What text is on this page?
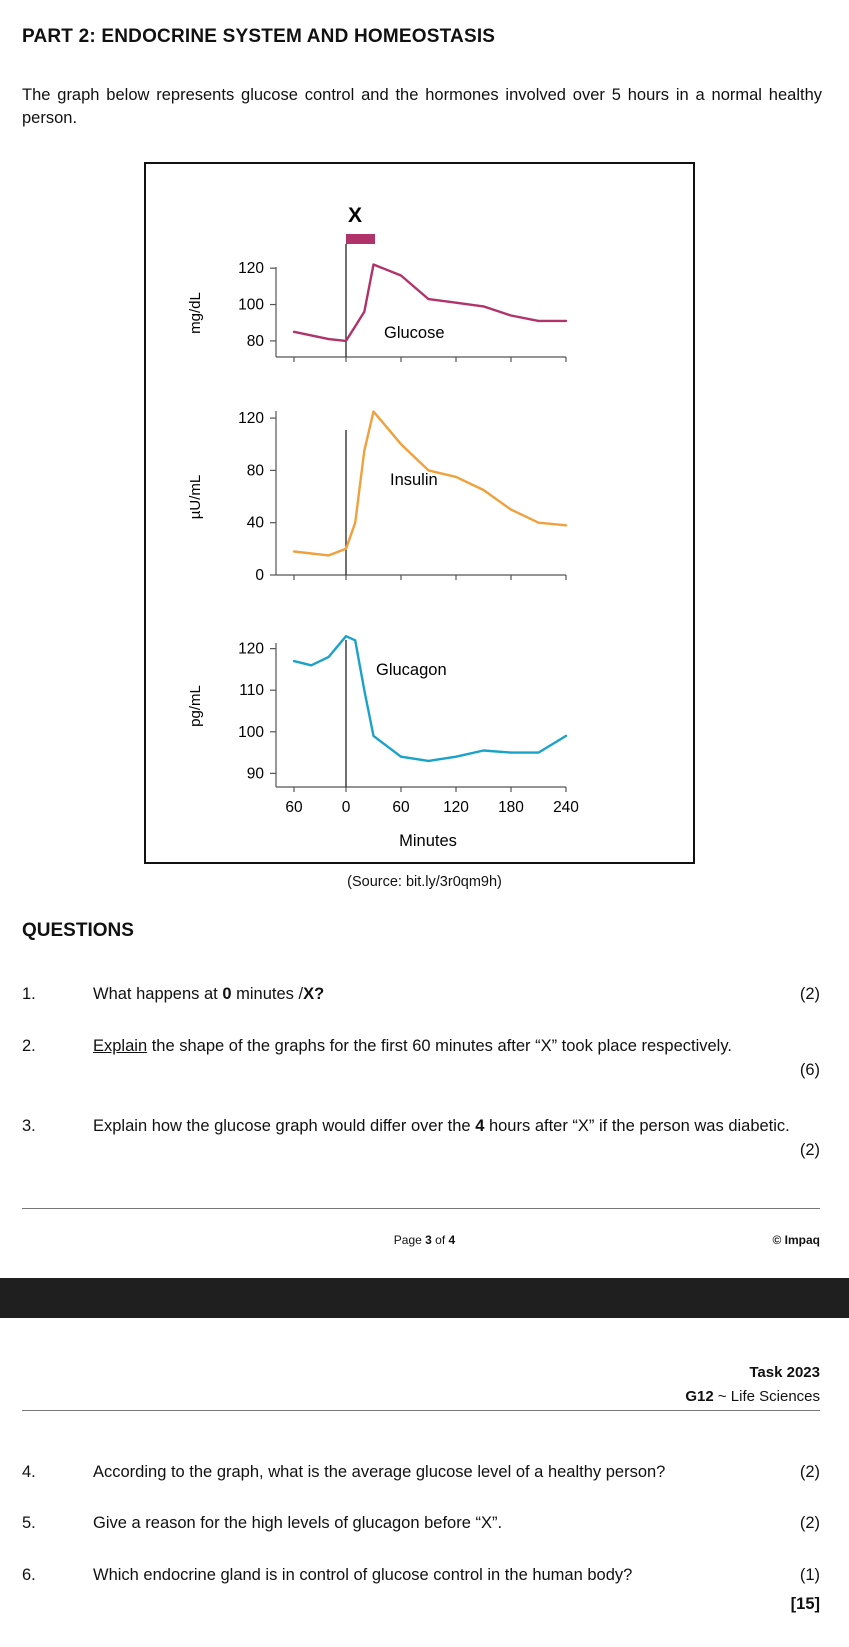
PART 2: ENDOCRINE SYSTEM AND HOMEOSTASIS
The graph below represents glucose control and the hormones involved over 5 hours in a normal healthy person.
X
mg/dL
120
100
80	Glucose
µU/mL
120
80
40
0
Insulin
pg/mL
120
110
100
90
Glucagon
60	0	60 120 180 240
Minutes
(Source: bit.ly/3r0qm9h)
QUESTIONS
1.	What happens at 0 minutes /X?	(2)
2.	Explain the shape of the graphs for the first 60 minutes after “X” took place respectively.
(6)
3.	Explain how the glucose graph would differ over the 4 hours after “X” if the person was diabetic.
(2)
Page 3 of 4	© Impaq
Task 2023
G12 ~ Life Sciences
4.	According to the graph, what is the average glucose level of a healthy person?	(2)
5.	Give a reason for the high levels of glucagon before “X”.	(2)
6.	Which endocrine gland is in control of glucose control in the human body?	(1)
[15]
